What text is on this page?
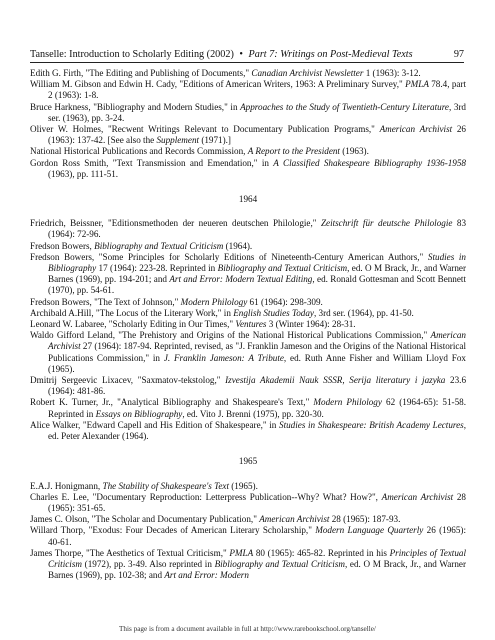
Tanselle: Introduction to Scholarly Editing (2002) • Part 7: Writings on Post-Medieval Texts	97
Edith G. Firth, "The Editing and Publishing of Documents," Canadian Archivist Newsletter 1 (1963): 3-12.
William M. Gibson and Edwin H. Cady, "Editions of American Writers, 1963: A Preliminary Survey," PMLA 78.4, part 2 (1963): 1-8.
Bruce Harkness, "Bibliography and Modern Studies," in Approaches to the Study of Twentieth-Century Literature, 3rd ser. (1963), pp. 3-24.
Oliver W. Holmes, "Recwent Writings Relevant to Documentary Publication Programs," American Archivist 26 (1963): 137-42. [See also the Supplement (1971).]
National Historical Publications and Records Commission, A Report to the President (1963).
Gordon Ross Smith, "Text Transmission and Emendation," in A Classified Shakespeare Bibliography 1936-1958 (1963), pp. 111-51.
1964
Friedrich, Beissner, "Editionsmethoden der neueren deutschen Philologie," Zeitschrift für deutsche Philologie 83 (1964): 72-96.
Fredson Bowers, Bibliography and Textual Criticism (1964).
Fredson Bowers, "Some Principles for Scholarly Editions of Nineteenth-Century American Authors," Studies in Bibliography 17 (1964): 223-28. Reprinted in Bibliography and Textual Criticism, ed. O M Brack, Jr., and Warner Barnes (1969), pp. 194-201; and Art and Error: Modern Textual Editing, ed. Ronald Gottesman and Scott Bennett (1970), pp. 54-61.
Fredson Bowers, "The Text of Johnson," Modern Philology 61 (1964): 298-309.
Archibald A.Hill, "The Locus of the Literary Work," in English Studies Today, 3rd ser. (1964), pp. 41-50.
Leonard W. Labaree, "Scholarly Editing in Our Times," Ventures 3 (Winter 1964): 28-31.
Waldo Gifford Leland, "The Prehistory and Origins of the National Historical Publications Commission," American Archivist 27 (1964): 187-94. Reprinted, revised, as "J. Franklin Jameson and the Origins of the National Historical Publications Commission," in J. Franklin Jameson: A Tribute, ed. Ruth Anne Fisher and William Lloyd Fox (1965).
Dmitrij Sergeevic Lixacev, "Saxmatov-tekstolog," Izvestija Akademii Nauk SSSR, Serija literatury i jazyka 23.6 (1964): 481-86.
Robert K. Turner, Jr., "Analytical Bibliography and Shakespeare's Text," Modern Philology 62 (1964-65): 51-58. Reprinted in Essays on Bibliography, ed. Vito J. Brenni (1975), pp. 320-30.
Alice Walker, "Edward Capell and His Edition of Shakespeare," in Studies in Shakespeare: British Academy Lectures, ed. Peter Alexander (1964).
1965
E.A.J. Honigmann, The Stability of Shakespeare's Text (1965).
Charles E. Lee, "Documentary Reproduction: Letterpress Publication--Why? What? How?", American Archivist 28 (1965): 351-65.
James C. Olson, "The Scholar and Documentary Publication," American Archivist 28 (1965): 187-93.
Willard Thorp, "Exodus: Four Decades of American Literary Scholarship," Modern Language Quarterly 26 (1965): 40-61.
James Thorpe, "The Aesthetics of Textual Criticism," PMLA 80 (1965): 465-82. Reprinted in his Principles of Textual Criticism (1972), pp. 3-49. Also reprinted in Bibliography and Textual Criticism, ed. O M Brack, Jr., and Warner Barnes (1969), pp. 102-38; and Art and Error: Modern
This page is from a document available in full at http://www.rarebookschool.org/tanselle/
